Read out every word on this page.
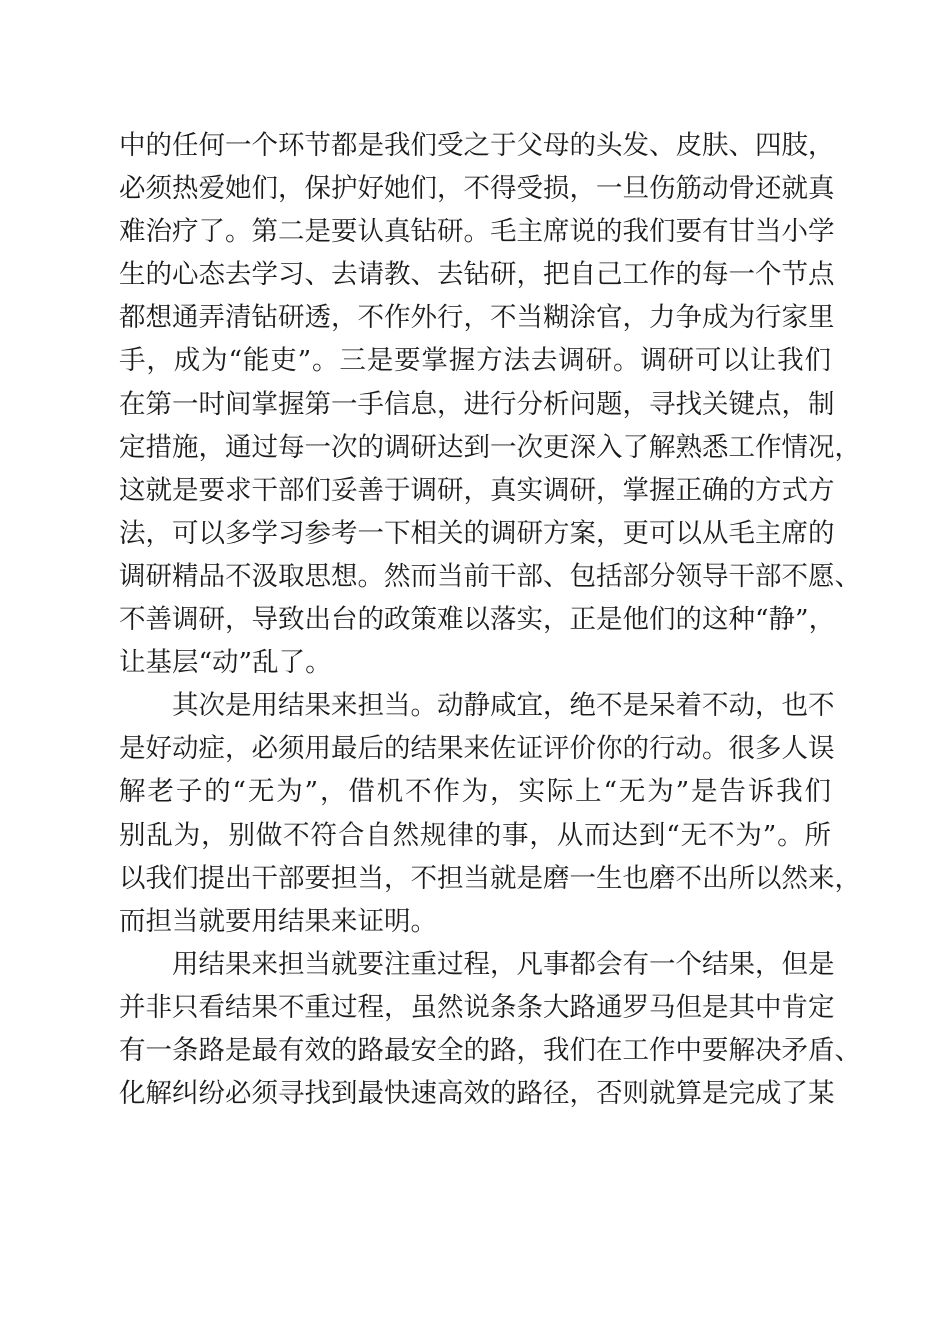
中的任何一个环节都是我们受之于父母的头发、皮肤、四肢，
必须热爱她们，保护好她们，不得受损，一旦伤筋动骨还就真
难治疗了。第二是要认真钻研。毛主席说的我们要有甘当小学
生的心态去学习、去请教、去钻研，把自己工作的每一个节点
都想通弄清钻研透，不作外行，不当糊涂官，力争成为行家里
手，成为“能吏”。三是要掌握方法去调研。调研可以让我们
在第一时间掌握第一手信息，进行分析问题，寻找关键点，制
定措施，通过每一次的调研达到一次更深入了解熟悉工作情况，
这就是要求干部们妥善于调研，真实调研，掌握正确的方式方
法，可以多学习参考一下相关的调研方案，更可以从毛主席的
调研精品不汲取思想。然而当前干部、包括部分领导干部不愿、
不善调研，导致出台的政策难以落实，正是他们的这种“静”，
让基层“动”乱了。
其次是用结果来担当。动静咸宜，绝不是呆着不动，也不
是好动症，必须用最后的结果来佐证评价你的行动。很多人误
解老子的“无为”，借机不作为，实际上“无为”是告诉我们
别乱为，别做不符合自然规律的事，从而达到“无不为”。所
以我们提出干部要担当，不担当就是磨一生也磨不出所以然来，
而担当就要用结果来证明。
用结果来担当就要注重过程，凡事都会有一个结果，但是
并非只看结果不重过程，虽然说条条大路通罗马但是其中肯定
有一条路是最有效的路最安全的路，我们在工作中要解决矛盾、
化解纠纷必须寻找到最快速高效的路径，否则就算是完成了某
